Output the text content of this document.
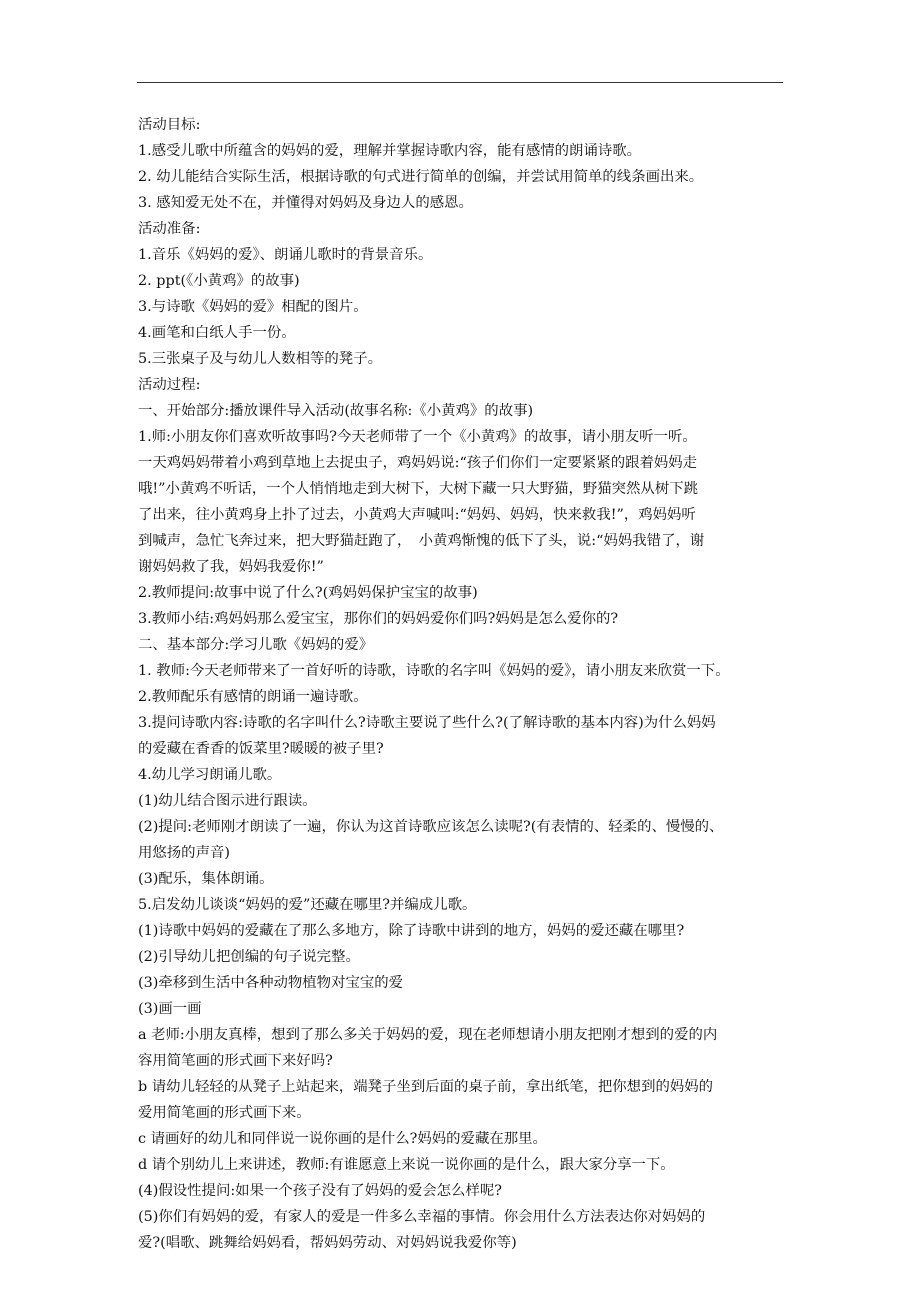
活动目标:
1.感受儿歌中所蕴含的妈妈的爱，理解并掌握诗歌内容，能有感情的朗诵诗歌。
2. 幼儿能结合实际生活，根据诗歌的句式进行简单的创编，并尝试用简单的线条画出来。
3. 感知爱无处不在，并懂得对妈妈及身边人的感恩。
活动准备:
1.音乐《妈妈的爱》、朗诵儿歌时的背景音乐。
2. ppt(《小黄鸡》的故事)
3.与诗歌《妈妈的爱》相配的图片。
4.画笔和白纸人手一份。
5.三张桌子及与幼儿人数相等的凳子。
活动过程:
一、开始部分:播放课件导入活动(故事名称:《小黄鸡》的故事)
1.师:小朋友你们喜欢听故事吗?今天老师带了一个《小黄鸡》的故事，请小朋友听一听。
一天鸡妈妈带着小鸡到草地上去捉虫子，鸡妈妈说:“孩子们你们一定要紧紧的跟着妈妈走
哦!”小黄鸡不听话，一个人悄悄地走到大树下，大树下藏一只大野猫，野猫突然从树下跳
了出来，往小黄鸡身上扑了过去，小黄鸡大声喊叫:“妈妈、妈妈，快来救我!”，鸡妈妈听
到喊声，急忙飞奔过来，把大野猫赶跑了，　小黄鸡惭愧的低下了头，说:“妈妈我错了，谢
谢妈妈救了我，妈妈我爱你!”
2.教师提问:故事中说了什么?(鸡妈妈保护宝宝的故事)
3.教师小结:鸡妈妈那么爱宝宝，那你们的妈妈爱你们吗?妈妈是怎么爱你的?
二、基本部分:学习儿歌《妈妈的爱》
1. 教师:今天老师带来了一首好听的诗歌，诗歌的名字叫《妈妈的爱》，请小朋友来欣赏一下。
2.教师配乐有感情的朗诵一遍诗歌。
3.提问诗歌内容:诗歌的名字叫什么?诗歌主要说了些什么?(了解诗歌的基本内容)为什么妈妈
的爱藏在香香的饭菜里?暖暖的被子里?
4.幼儿学习朗诵儿歌。
(1)幼儿结合图示进行跟读。
(2)提问:老师刚才朗读了一遍，你认为这首诗歌应该怎么读呢?(有表情的、轻柔的、慢慢的、
用悠扬的声音)
(3)配乐，集体朗诵。
5.启发幼儿谈谈“妈妈的爱”还藏在哪里?并编成儿歌。
(1)诗歌中妈妈的爱藏在了那么多地方，除了诗歌中讲到的地方，妈妈的爱还藏在哪里?
(2)引导幼儿把创编的句子说完整。
(3)牵移到生活中各种动物植物对宝宝的爱
(3)画一画
a 老师:小朋友真棒，想到了那么多关于妈妈的爱，现在老师想请小朋友把刚才想到的爱的内
容用简笔画的形式画下来好吗?
b 请幼儿轻轻的从凳子上站起来，端凳子坐到后面的桌子前，拿出纸笔，把你想到的妈妈的
爱用简笔画的形式画下来。
c 请画好的幼儿和同伴说一说你画的是什么?妈妈的爱藏在那里。
d 请个别幼儿上来讲述，教师:有谁愿意上来说一说你画的是什么，跟大家分享一下。
(4)假设性提问:如果一个孩子没有了妈妈的爱会怎么样呢?
(5)你们有妈妈的爱，有家人的爱是一件多么幸福的事情。你会用什么方法表达你对妈妈的
爱?(唱歌、跳舞给妈妈看，帮妈妈劳动、对妈妈说我爱你等)
